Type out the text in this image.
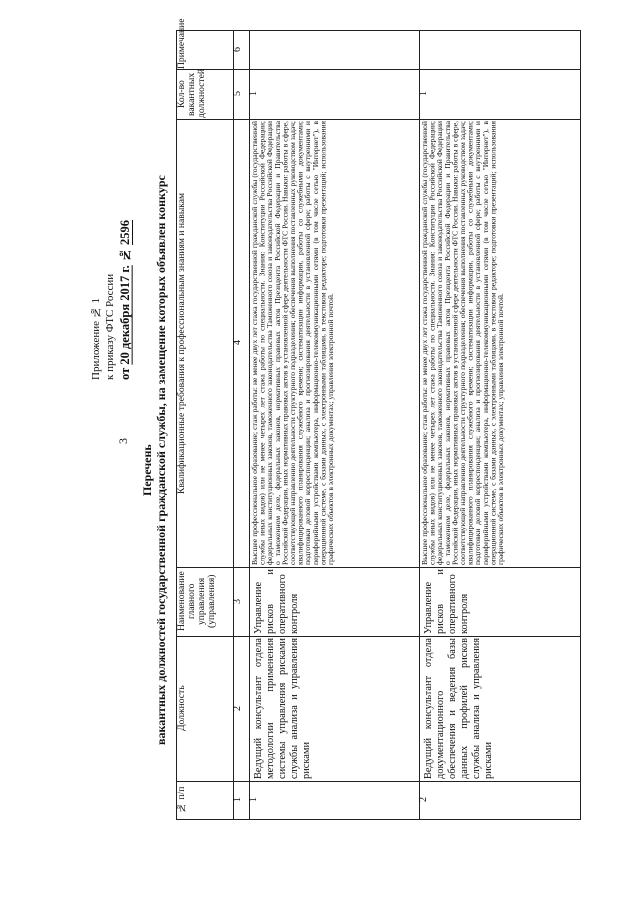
3
Приложение № 1 к приказу ФТС России от 20 декабря 2017 г. № 2596
Перечень вакантных должностей государственной гражданской службы, на замещение которых объявлен конкурс
Примечание
Кол-во вакантных должностей
Квалификационные требования к профессиональным знаниям и навыкам
Наименование главного управления (управления)
Должность
№ п/п
6
5
4
3
2
1
1
Высшее профессиональное образование; стаж работы: не менее двух лет стажа государственной гражданской службы (государственной службы иных видов) или не менее четырех лет стажа работы по специальности. Знания: Конституции Российской Федерации; федеральных конституционных законов, таможенного законодательства Таможенного союза и законодательства Российской Федерации о таможенном деле, федеральных законов, нормативных правовых актов Президента Российской Федерации и Правительства Российской Федерации, иных нормативных правовых актов в установленной сфере деятельности ФТС России. Навыки: работы в сфере, соответствующей направлению деятельности структурного подразделения; обеспечения выполнения поставленных руководством задач; квалифицированного планирования служебного времени; систематизации информации, работы со служебными документами; подготовки деловой корреспонденции; анализа и прогнозирования деятельности в установленной сфере; работы с внутренними и периферийными устройствами компьютера, информационно-телекоммуникационными сетями (в том числе сетью "Интернет"), в операционной системе, с базами данных, с электронными таблицами, в текстовом редакторе; подготовки презентаций; использования графических объектов в электронных документах; управления электронной почтой.
Управление рисков и оперативного контроля
Ведущий консультант отдела методологии применения системы управления рисками службы анализа и управления рисками
1
1
Высшее профессиональное образование; стаж работы: не менее двух лет стажа государственной гражданской службы (государственной службы иных видов) или не менее четырех лет стажа работы по специальности. Знания: Конституции Российской Федерации; федеральных конституционных законов, таможенного законодательства Таможенного союза и законодательства Российской Федерации о таможенном деле, федеральных законов, нормативных правовых актов Президента Российской Федерации и Правительства Российской Федерации, иных нормативных правовых актов в установленной сфере деятельности ФТС России. Навыки: работы в сфере, соответствующей направлению деятельности структурного подразделения; обеспечения выполнения поставленных руководством задач; квалифицированного планирования служебного времени; систематизации информации, работы со служебными документами; подготовки деловой корреспонденции; анализа и прогнозирования деятельности в установленной сфере; работы с внутренними и периферийными устройствами компьютера, информационно-телекоммуникационными сетями (в том числе сетью "Интернет"), в операционной системе, с базами данных, с электронными таблицами, в текстовом редакторе; подготовки презентаций; использования графических объектов в электронных документах; управления электронной почтой.
Управление рисков и оперативного контроля
Ведущий консультант отдела документационного обеспечения и ведения базы данных профилей рисков службы анализа и управления рисками
2
